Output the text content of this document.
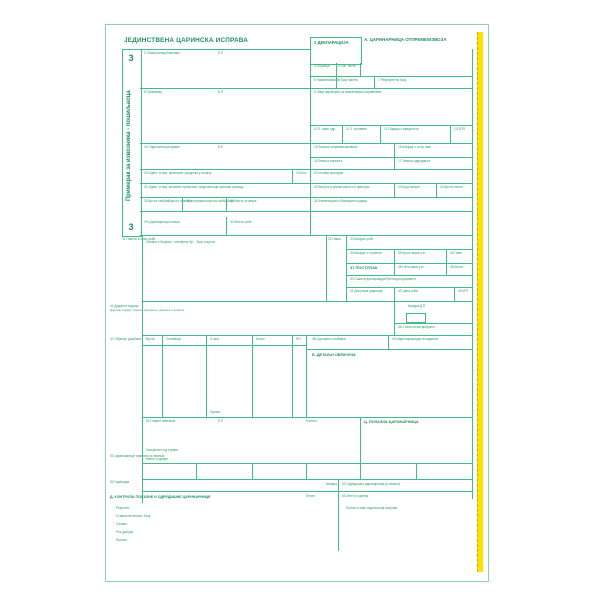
ЈЕДИНСТВЕНА ЦАРИНСКА ИСПРАВА	1 ДЕКЛАРАЦИЈА
А. ЦАРИНАРНИЦА ОТПРЕМЕ/ИЗВОЗА
3
Примерак за извозника - пошиљаоца
3
2 Пошиљалац/Извозник	Б.Р.
3 Обрасци	4 Тов. листе
5 Наименования 6 Број пакета	7 Референтни број
8 Прималац	Б.Р.	9 Лице одговорно за финансијско поравнање
10 З. прво одр.	11 З. трговине	12 Подаци о вредности	13 ЗПП
14 Подносилац исправе	Б.Р.	15 Земља отпремања/извоза	15 Шифра з. отпр./изв.
16 Земља порекла	17 Земља одредишта
18 Идент. и нац. превозног средства у полазу	19 Кон. 20 Услови испоруке
21 Идент. и нац. активног превозног средства које прелази границу	22 Валута и укупан износ по фактури	23 Курс валуте	24 Врста посла
25 Врста саобраћаја на граници
26 Унутрашња врста саобраћаја
27 Место утовара	28 Финансијски и банкарски подаци
29 Царинарница излаза	30 Место робе
31 Пакети и опис робе
Ознаке и бројеви - контејнер бр. - број и врста
32 Наим.	33 Шифра робе
34 Шифра з. порекла	35 Бруто маса у кг	36 Повл.
37 ПОСТУПАК	38 Нето маса у кг	39 Квота
40 Сажета декларација/Претходни документ
41 Допунска јединица	42 Цена робе	43 М.Р.
44 Додатни подаци
Додатни подаци, поднети документи, уверења и дозволе
Шифра Д.П.
46 Статистичка вредност
47 Обрачун дажбина Врста	Основица	Стопа	Износ	НП
Укупно
48 Одложено плаћање	49 Идентификација складишта
Б. ДЕТАЉИ ОБРАЧУНА
50 Главни обвезник	Б.Р.	Потпис:	Ц. ПОЛАЗНА ЦАРИНАРНИЦА
Заступљен од стране
Место и датум:
51 Царинарнице транзита (и земља)
52 Гаранција	Шифра 53 Одредишна царинарница (и земља)
Д. КОНТРОЛА ПОЛАЗНЕ И ОДРЕДИШНЕ ЦАРИНАРНИЦЕ	Печат	54 Место и датум:
Потпис и име подносиоца исправе
Резултат:
Стављени печати: Број:
Ознаке:
Рок (датум):
Потпис:
